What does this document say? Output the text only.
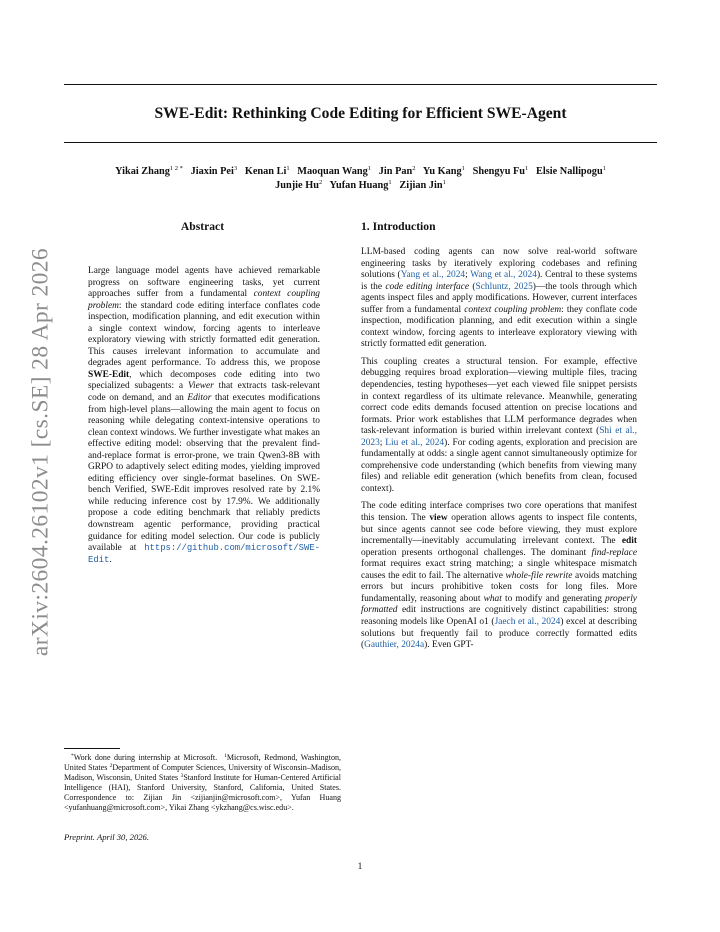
SWE-Edit: Rethinking Code Editing for Efficient SWE-Agent
Yikai Zhang$^{1 2 *}$ Jiaxin Pei$^3$ Kenan Li$^1$ Maoquan Wang$^1$ Jin Pan$^2$ Yu Kang$^1$ Shengyu Fu$^1$ Elsie Nallipogu$^1$
Junjie Hu$^2$ Yufan Huang$^1$ Zijian Jin$^1$
arXiv:2604.26102v1 [cs.SE] 28 Apr 2026
Abstract

Large language model agents have achieved remarkable progress on software engineering tasks, yet current approaches suffer from a fundamental context coupling problem: the standard code editing interface conflates code inspection, modification planning, and edit execution within a single context window, forcing agents to interleave exploratory viewing with strictly formatted edit generation. This causes irrelevant information to accumulate and degrades agent performance. To address this, we propose SWE-Edit, which decomposes code editing into two specialized subagents: a Viewer that extracts task-relevant code on demand, and an Editor that executes modifications from high-level plans—allowing the main agent to focus on reasoning while delegating context-intensive operations to clean context windows. We further investigate what makes an effective editing model: observing that the prevalent find-and-replace format is error-prone, we train Qwen3-8B with GRPO to adaptively select editing modes, yielding improved editing efficiency over single-format baselines. On SWE-bench Verified, SWE-Edit improves resolved rate by 2.1% while reducing inference cost by 17.9%. We additionally propose a code editing benchmark that reliably predicts downstream agentic performance, providing practical guidance for editing model selection. Our code is publicly available at https://github.com/microsoft/SWE-Edit.

*Work done during internship at Microsoft.  $^1$Microsoft, Redmond, Washington, United States $^2$Department of Computer Sciences, University of Wisconsin–Madison, Madison, Wisconsin, United States $^3$Stanford Institute for Human-Centered Artificial Intelligence (HAI), Stanford University, Stanford, California, United States. Correspondence to: Zijian Jin <zijianjin@microsoft.com>, Yufan Huang <yufanhuang@microsoft.com>, Yikai Zhang <ykzhang@cs.wisc.edu>.
Preprint. April 30, 2026.
1. Introduction

LLM-based coding agents can now solve real-world software engineering tasks by iteratively exploring codebases and refining solutions (Yang et al., 2024; Wang et al., 2024). Central to these systems is the code editing interface (Schluntz, 2025)—the tools through which agents inspect files and apply modifications. However, current interfaces suffer from a fundamental context coupling problem: they conflate code inspection, modification planning, and edit execution within a single context window, forcing agents to interleave exploratory viewing with strictly formatted edit generation.

This coupling creates a structural tension. For example, effective debugging requires broad exploration—viewing multiple files, tracing dependencies, testing hypotheses—yet each viewed file snippet persists in context regardless of its ultimate relevance. Meanwhile, generating correct code edits demands focused attention on precise locations and formats. Prior work establishes that LLM performance degrades when task-relevant information is buried within irrelevant context (Shi et al., 2023; Liu et al., 2024). For coding agents, exploration and precision are fundamentally at odds: a single agent cannot simultaneously optimize for comprehensive code understanding (which benefits from viewing many files) and reliable edit generation (which benefits from clean, focused context).

The code editing interface comprises two core operations that manifest this tension. The view operation allows agents to inspect file contents, but since agents cannot see code before viewing, they must explore incrementally—inevitably accumulating irrelevant context. The edit operation presents orthogonal challenges. The dominant find-replace format requires exact string matching; a single whitespace mismatch causes the edit to fail. The alternative whole-file rewrite avoids matching errors but incurs prohibitive token costs for long files. More fundamentally, reasoning about what to modify and generating properly formatted edit instructions are cognitively distinct capabilities: strong reasoning models like OpenAI o1 (Jaech et al., 2024) excel at describing solutions but frequently fail to produce correctly formatted edits (Gauthier, 2024a). Even GPT-

1
